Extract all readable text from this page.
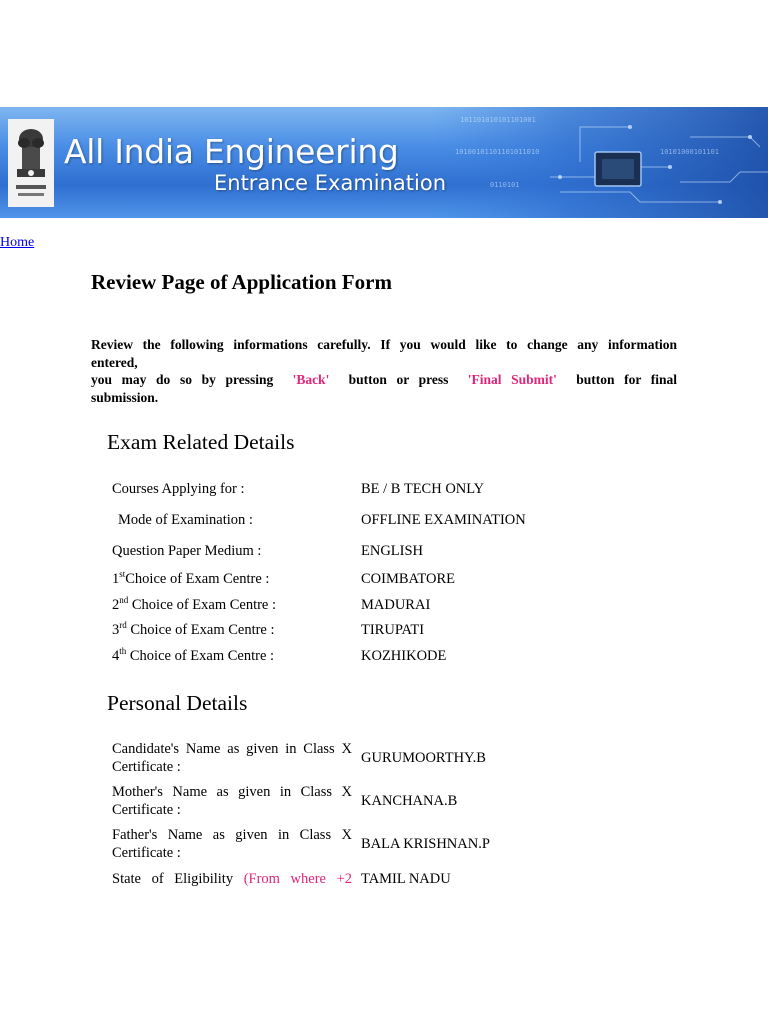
101101010101101001
10100101101101011010	10101000101101
0110101
All India Engineering
Entrance Examination
Home
Review Page of Application Form
Review the following informations carefully. If you would like to change any information
entered,
you may do so by pressing 'Back' button or press 'Final Submit' button for final
submission.
Exam Related Details
Courses Applying for :	BE / B TECH ONLY
Mode of Examination :	OFFLINE EXAMINATION
Question Paper Medium :	ENGLISH
1stChoice of Exam Centre :	COIMBATORE
2nd Choice of Exam Centre :	MADURAI
3rd Choice of Exam Centre :	TIRUPATI
4th Choice of Exam Centre :	KOZHIKODE
Personal Details
Candidate's Name as given in Class X
Certificate :
GURUMOORTHY.B
Mother's Name as given in Class X
Certificate :
KANCHANA.B
Father's Name as given in Class X
Certificate :
BALA KRISHNAN.P
State of Eligibility (From where +2 TAMIL NADU
